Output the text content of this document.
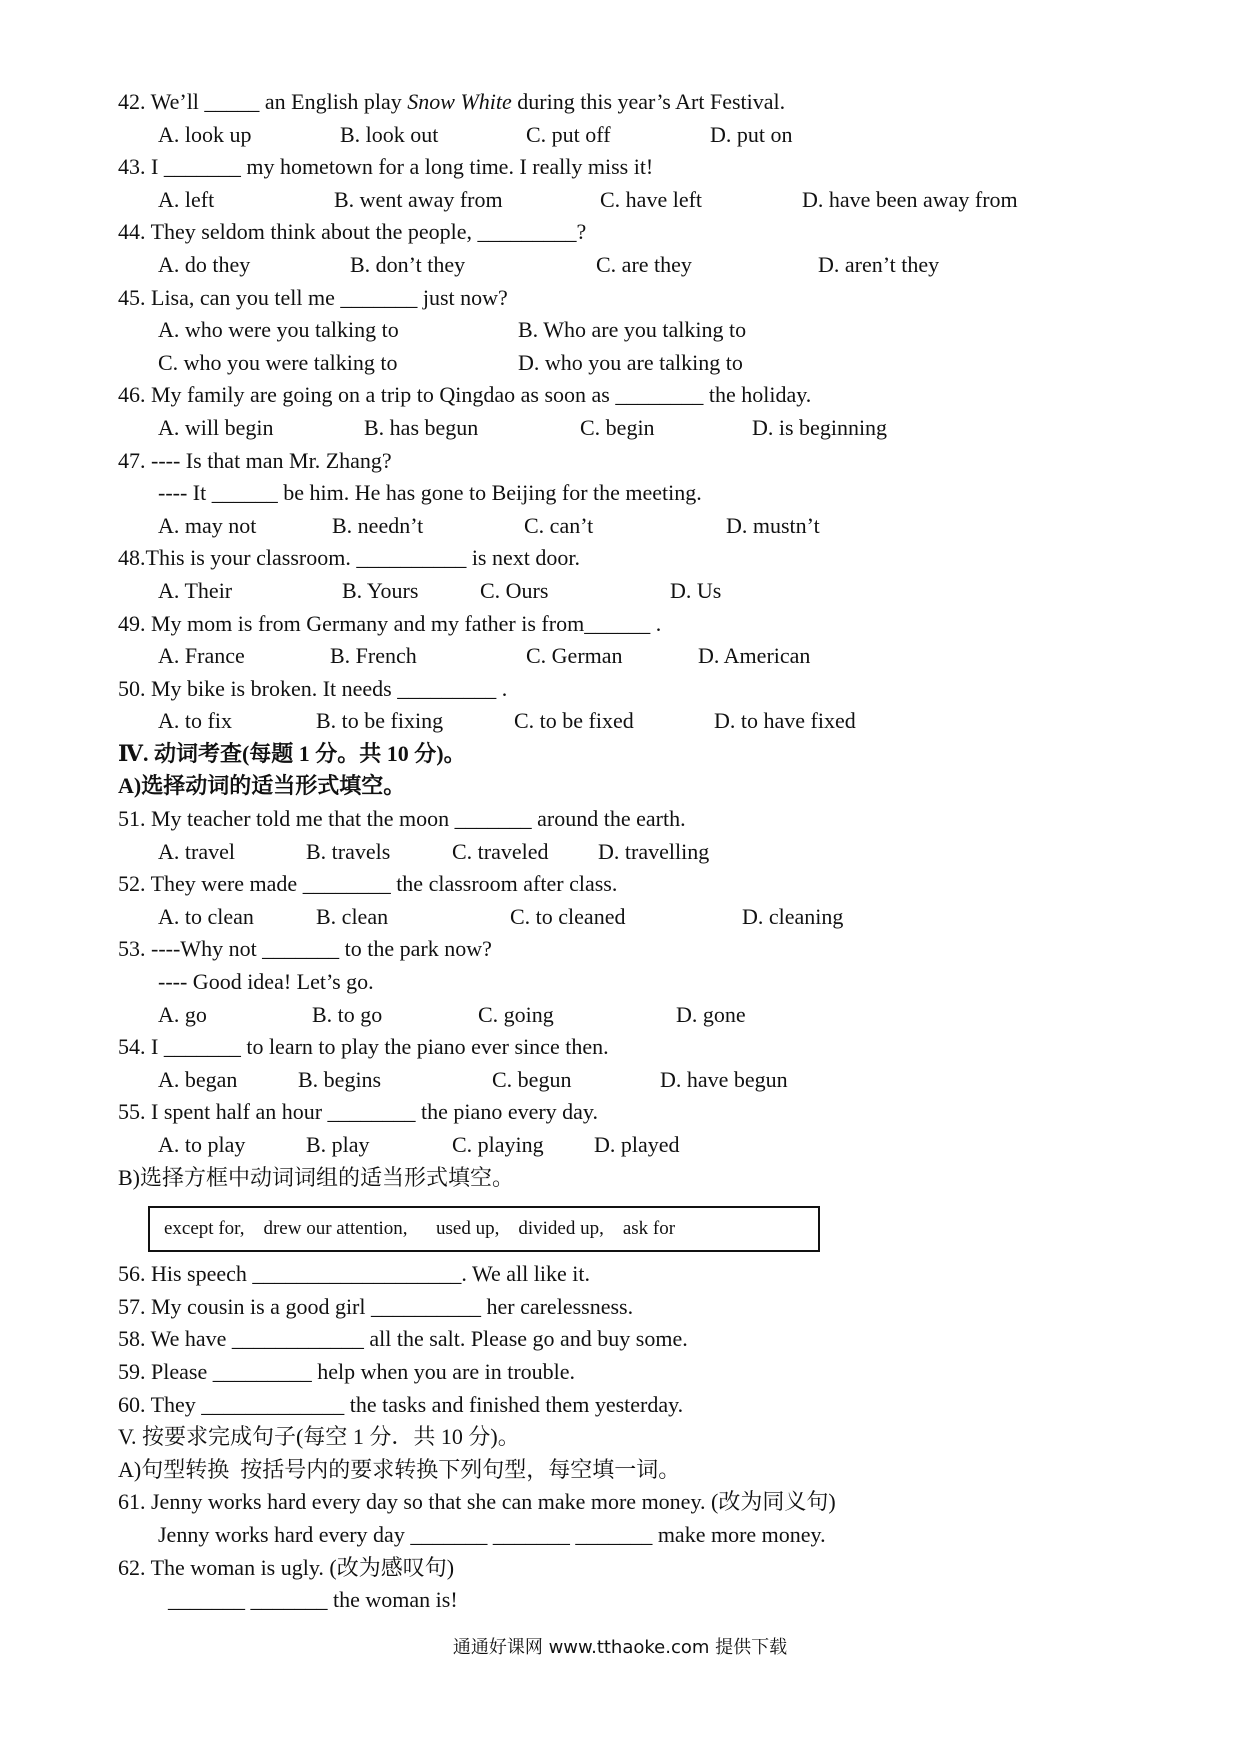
42. We’ll _____ an English play Snow White during this year’s Art Festival.
A. look up	B. look out	C. put off	D. put on
43. I _______ my hometown for a long time. I really miss it!
A. left	B. went away from	C. have left	D. have been away from
44. They seldom think about the people, _________?
A. do they	B. don’t they	C. are they	D. aren’t they
45. Lisa, can you tell me _______ just now?
A. who were you talking to	B. Who are you talking to
C. who you were talking to	D. who you are talking to
46. My family are going on a trip to Qingdao as soon as ________ the holiday.
A. will begin	B. has begun	C. begin	D. is beginning
47. ---- Is that man Mr. Zhang?
---- It ______ be him. He has gone to Beijing for the meeting.
A. may not	B. needn’t	C. can’t	D. mustn’t
48.This is your classroom. __________ is next door.
A. Their	B. Yours	C. Ours	D. Us
49. My mom is from Germany and my father is from______ .
A. France	B. French	C. German	D. American
50. My bike is broken. It needs _________ .
A. to fix	B. to be fixing	C. to be fixed	D. to have fixed
Ⅳ. 动词考查(每题 1 分。共 10 分)。
A)选择动词的适当形式填空。
51. My teacher told me that the moon _______ around the earth.
A. travel	B. travels	C. traveled	D. travelling
52. They were made ________ the classroom after class.
A. to clean	B. clean	C. to cleaned	D. cleaning
53. ----Why not _______ to the park now?
---- Good idea! Let’s go.
A. go	B. to go	C. going	D. gone
54. I _______ to learn to play the piano ever since then.
A. began	B. begins	C. begun	D. have begun
55. I spent half an hour ________ the piano every day.
A. to play	B. play	C. playing	D. played
B)选择方框中动词词组的适当形式填空。
except for,    drew our attention,      used up,    divided up,    ask for
56. His speech ___________________. We all like it.
57. My cousin is a good girl __________ her carelessness.
58. We have ____________ all the salt. Please go and buy some.
59. Please _________ help when you are in trouble.
60. They _____________ the tasks and finished them yesterday.
V. 按要求完成句子(每空 1 分．共 10 分)。
A)句型转换  按括号内的要求转换下列句型，每空填一词。
61. Jenny works hard every day so that she can make more money. (改为同义句)
Jenny works hard every day _______ _______ _______ make more money.
62. The woman is ugly. (改为感叹句)
_______ _______ the woman is!
通通好课网 www.tthaoke.com 提供下载
